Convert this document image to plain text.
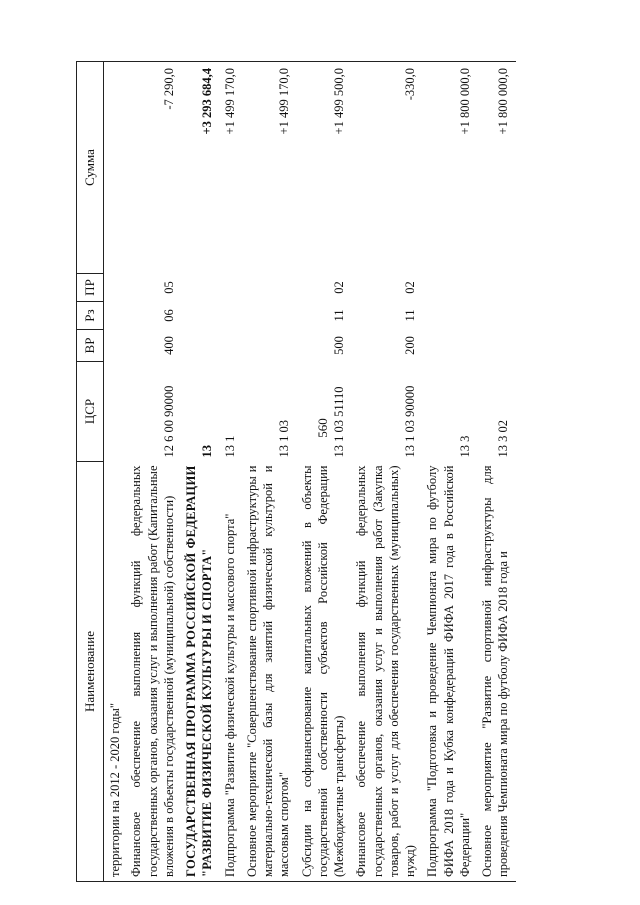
560
Наименование	ЦСР	ВР	Рз	ПР	Сумма
территории на 2012 - 2020 годы"					
Финансовое обеспечение выполнения функций федеральных государственных органов, оказания услуг и выполнения работ (Капитальные вложения в объекты государственной (муниципальной) собственности)	12 6 00 90000	400	06	05	-7 290,0
ГОСУДАРСТВЕННАЯ ПРОГРАММА РОССИЙСКОЙ ФЕДЕРАЦИИ "РАЗВИТИЕ ФИЗИЧЕСКОЙ КУЛЬТУРЫ И СПОРТА"	13				+3 293 684,4
Подпрограмма "Развитие физической культуры и массового спорта"	13 1				+1 499 170,0
Основное мероприятие "Совершенствование спортивной инфраструктуры и материально-технической базы для занятий физической культурой и массовым спортом"	13 1 03				+1 499 170,0
Субсидии на софинансирование капитальных вложений в объекты государственной собственности субъектов Российской Федерации (Межбюджетные трансферты)	13 1 03 51110	500	11	02	+1 499 500,0
Финансовое обеспечение выполнения функций федеральных государственных органов, оказания услуг и выполнения работ (Закупка товаров, работ и услуг для обеспечения государственных (муниципальных) нужд)	13 1 03 90000	200	11	02	-330,0
Подпрограмма "Подготовка и проведение Чемпионата мира по футболу ФИФА 2018 года и Кубка конфедераций ФИФА 2017 года в Российской Федерации"	13 3				+1 800 000,0
Основное мероприятие "Развитие спортивной инфраструктуры для проведения Чемпионата мира по футболу ФИФА 2018 года и	13 3 02				+1 800 000,0
